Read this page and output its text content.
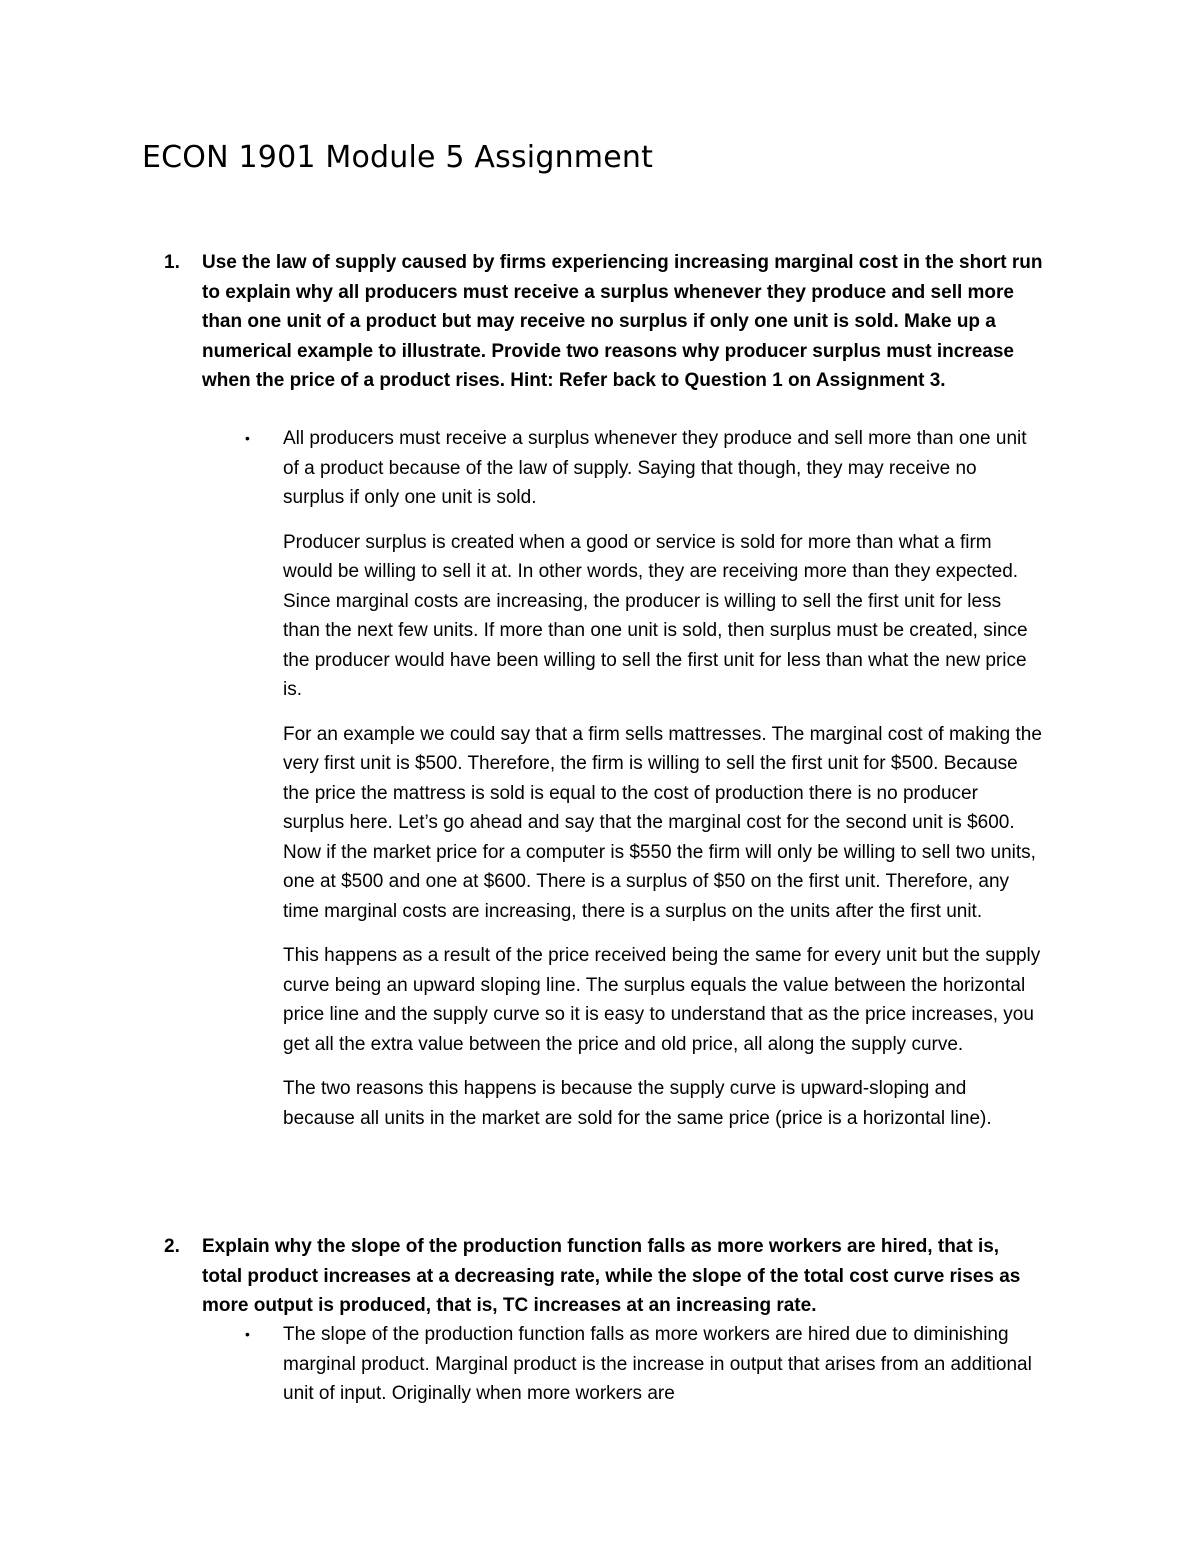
ECON 1901 Module 5 Assignment
1. Use the law of supply caused by firms experiencing increasing marginal cost in the short run to explain why all producers must receive a surplus whenever they produce and sell more than one unit of a product but may receive no surplus if only one unit is sold. Make up a numerical example to illustrate. Provide two reasons why producer surplus must increase when the price of a product rises. Hint: Refer back to Question 1 on Assignment 3.

• All producers must receive a surplus whenever they produce and sell more than one unit of a product because of the law of supply. Saying that though, they may receive no surplus if only one unit is sold.

Producer surplus is created when a good or service is sold for more than what a firm would be willing to sell it at. In other words, they are receiving more than they expected. Since marginal costs are increasing, the producer is willing to sell the first unit for less than the next few units. If more than one unit is sold, then surplus must be created, since the producer would have been willing to sell the first unit for less than what the new price is.

For an example we could say that a firm sells mattresses. The marginal cost of making the very first unit is $500. Therefore, the firm is willing to sell the first unit for $500. Because the price the mattress is sold is equal to the cost of production there is no producer surplus here. Let’s go ahead and say that the marginal cost for the second unit is $600. Now if the market price for a computer is $550 the firm will only be willing to sell two units, one at $500 and one at $600. There is a surplus of $50 on the first unit. Therefore, any time marginal costs are increasing, there is a surplus on the units after the first unit.

This happens as a result of the price received being the same for every unit but the supply curve being an upward sloping line. The surplus equals the value between the horizontal price line and the supply curve so it is easy to understand that as the price increases, you get all the extra value between the price and old price, all along the supply curve.

The two reasons this happens is because the supply curve is upward-sloping and because all units in the market are sold for the same price (price is a horizontal line).

2. Explain why the slope of the production function falls as more workers are hired, that is, total product increases at a decreasing rate, while the slope of the total cost curve rises as more output is produced, that is, TC increases at an increasing rate.

• The slope of the production function falls as more workers are hired due to diminishing marginal product. Marginal product is the increase in output that arises from an additional unit of input. Originally when more workers are
